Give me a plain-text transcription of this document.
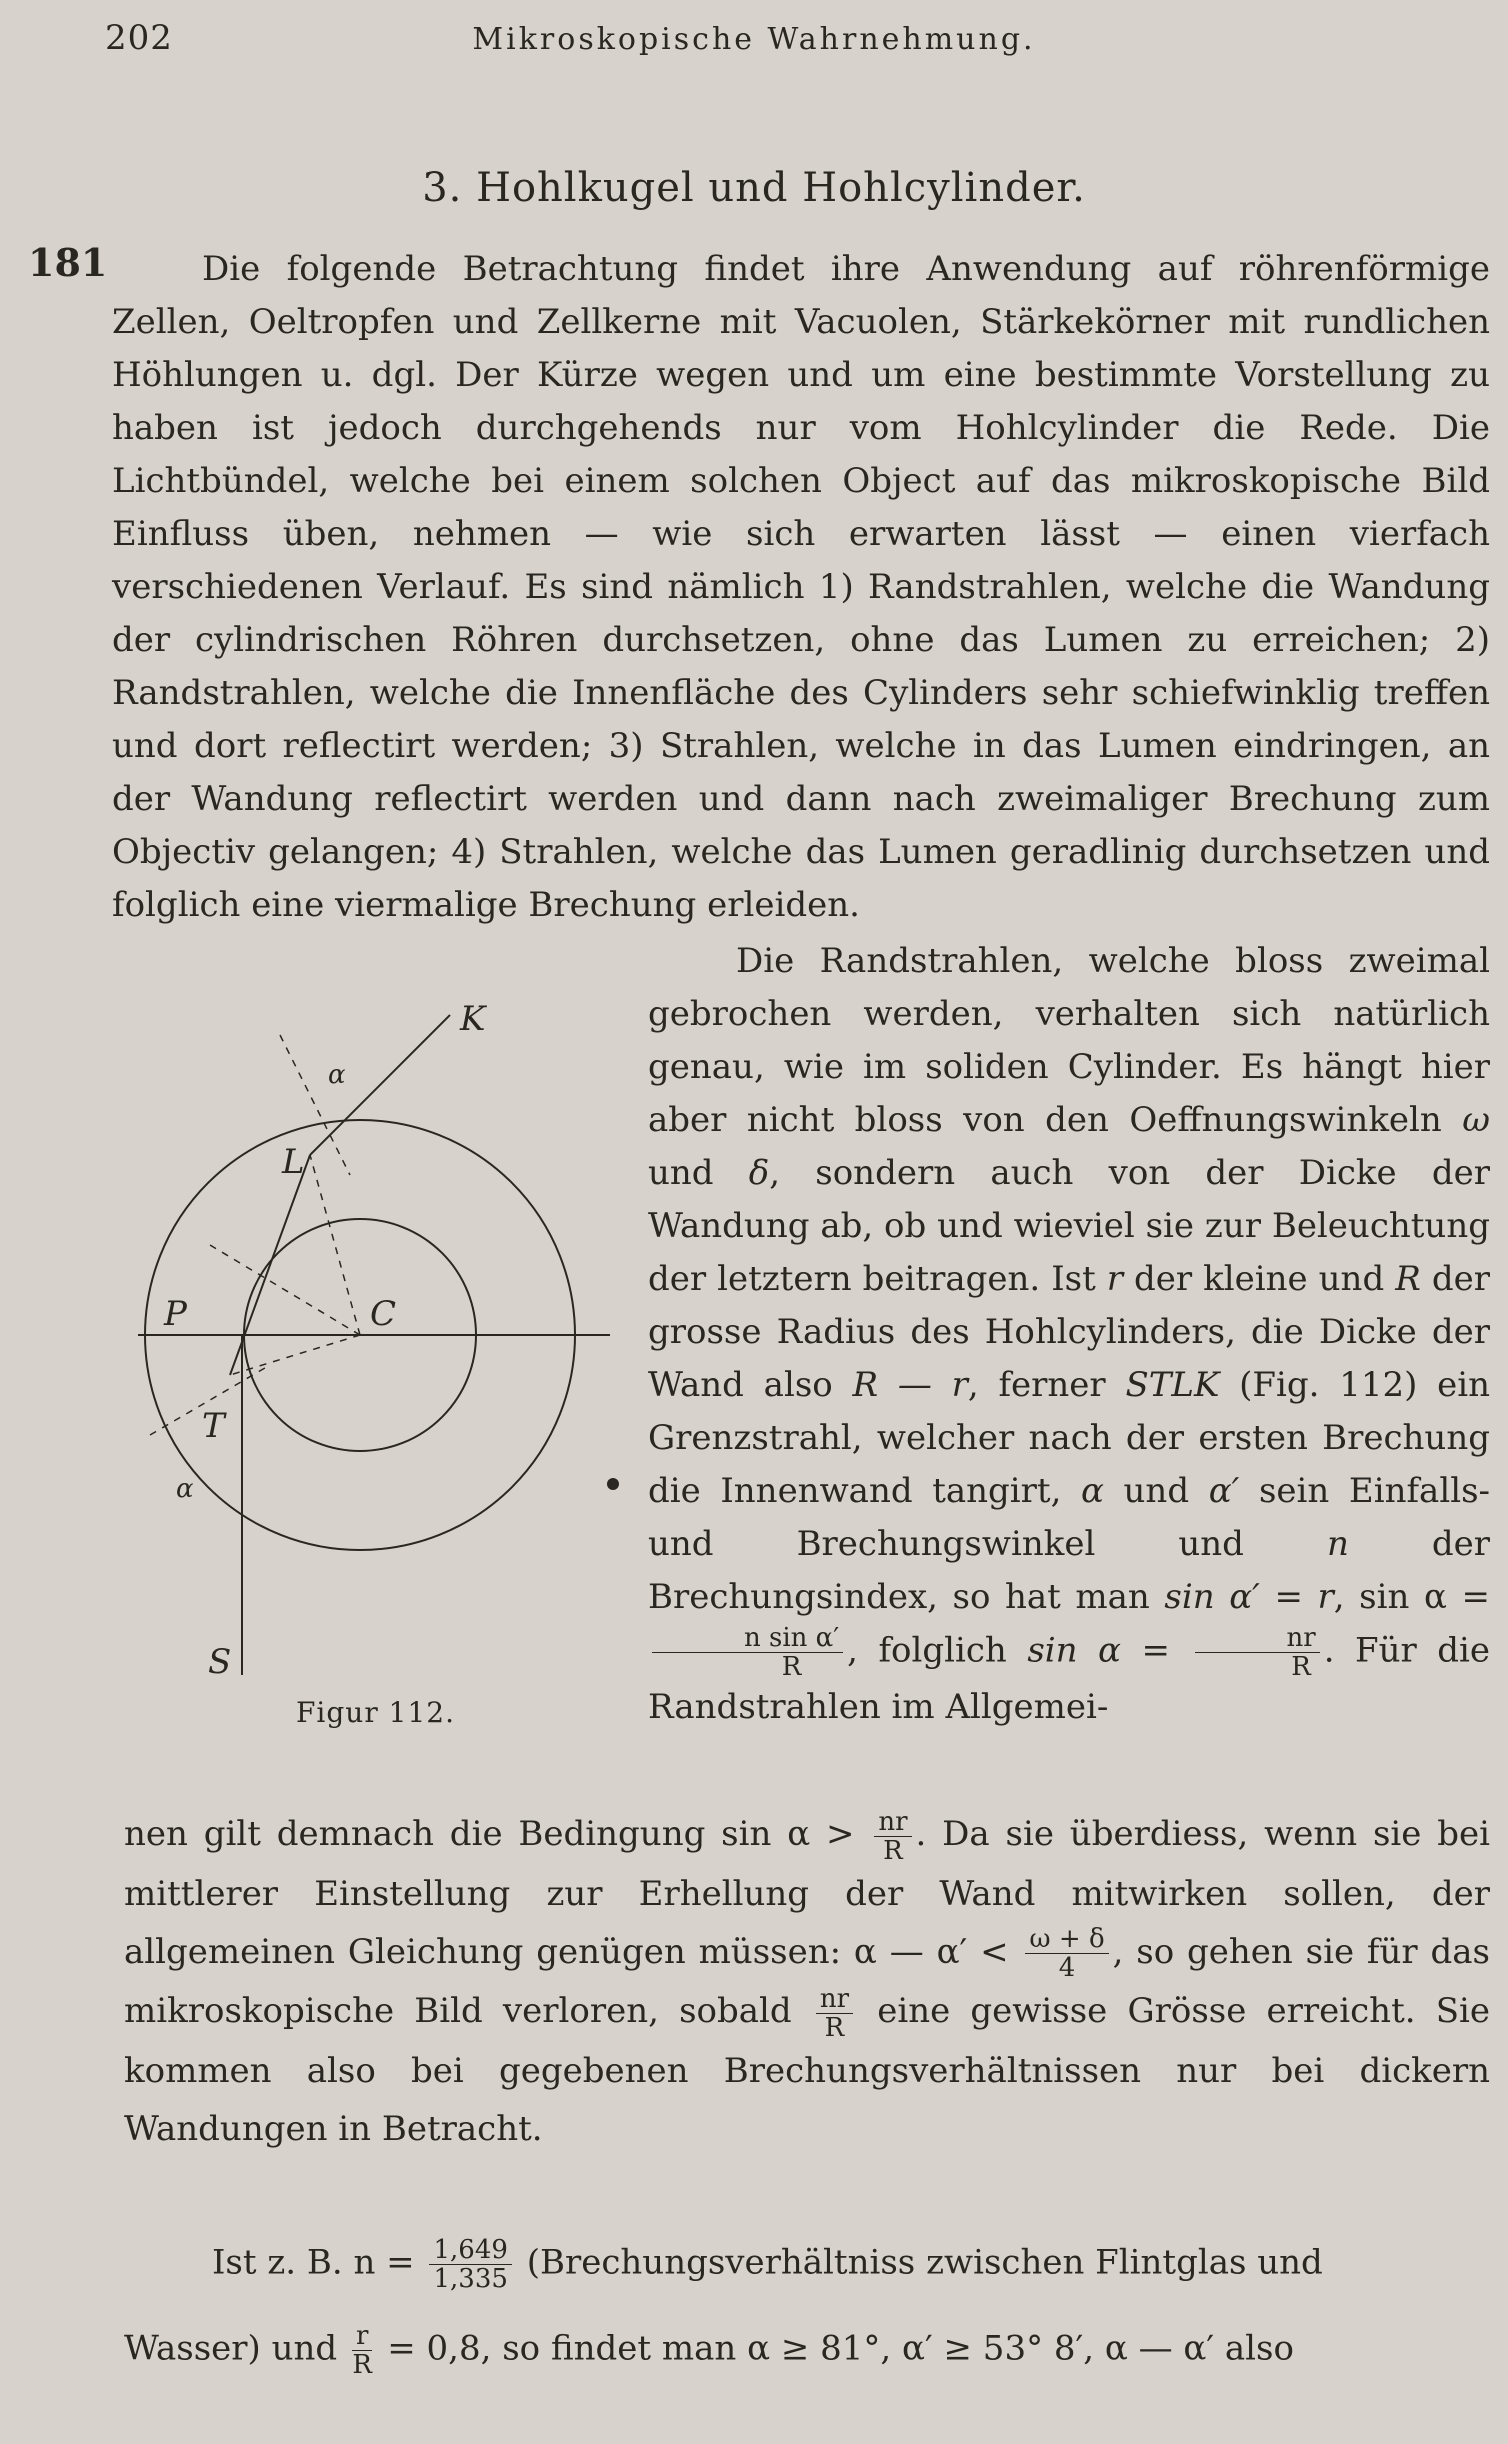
202	Mikroskopische Wahrnehmung.
3. Hohlkugel und Hohlcylinder.
181	Die folgende Betrachtung findet ihre Anwendung auf röhrenförmige Zellen, Oeltropfen und Zellkerne mit Vacuolen, Stärkekörner mit rundlichen Höhlungen u. dgl. Der Kürze wegen und um eine bestimmte Vorstellung zu haben ist jedoch durchgehends nur vom Hohlcylinder die Rede. Die Lichtbündel, welche bei einem solchen Object auf das mikroskopische Bild Einfluss üben, nehmen — wie sich erwarten lässt — einen vierfach verschiedenen Verlauf. Es sind nämlich 1) Randstrahlen, welche die Wandung der cylindrischen Röhren durchsetzen, ohne das Lumen zu erreichen; 2) Randstrahlen, welche die Innenfläche des Cylinders sehr schiefwinklig treffen und dort reflectirt werden; 3) Strahlen, welche in das Lumen eindringen, an der Wandung reflectirt werden und dann nach zweimaliger Brechung zum Objectiv gelangen; 4) Strahlen, welche das Lumen geradlinig durchsetzen und folglich eine viermalige Brechung erleiden.
Die Randstrahlen, welche bloss zweimal gebrochen werden, verhalten sich natürlich genau, wie im soliden Cylinder. Es hängt hier aber nicht bloss von den Oeffnungswinkeln ω und δ, sondern auch von der Dicke der Wandung ab, ob und wieviel sie zur Beleuchtung der letztern beitragen. Ist r der kleine und R der grosse Radius des Hohlcylinders, die Dicke der Wand also R — r, ferner STLK (Fig. 112) ein Grenzstrahl, welcher nach der ersten Brechung die Innenwand tangirt, α und α′ sein Einfalls- und Brechungswinkel und n der Brechungsindex, so hat man sin α′ = r, sin α =
$\frac{\text{n sin α′}}{R}$ , folglich $\sin \alpha = \frac{nr}{R}$ . Für die Randstrahlen im Allgemei-
nen gilt demnach die Bedingung $\sin \alpha > \frac{nr}{R}$ . Da sie überdiess, wenn sie bei mittlerer Einstellung zur Erhellung der Wand mitwirken sollen, der allgemeinen Gleichung genügen müssen: α — $\alpha' < \frac{\omega + \delta}{4}$ , so gehen sie für das mikroskopische Bild verloren, sobald $\frac{nr}{R}$ eine gewisse Grösse erreicht. Sie kommen also bei gegebenen Brechungsverhältnissen nur bei dickern Wandungen in Betracht.
Ist z. B. $n = \frac{1,649}{1,335}$ (Brechungsverhältniss zwischen Flintglas und
Wasser) und $\frac{r}{R} = 0,8$, so findet man α ≥ 81°, α′ ≥ 53° 8′, α — α′ also
K
L
P	C
T
S
α
α
Figur 112.
